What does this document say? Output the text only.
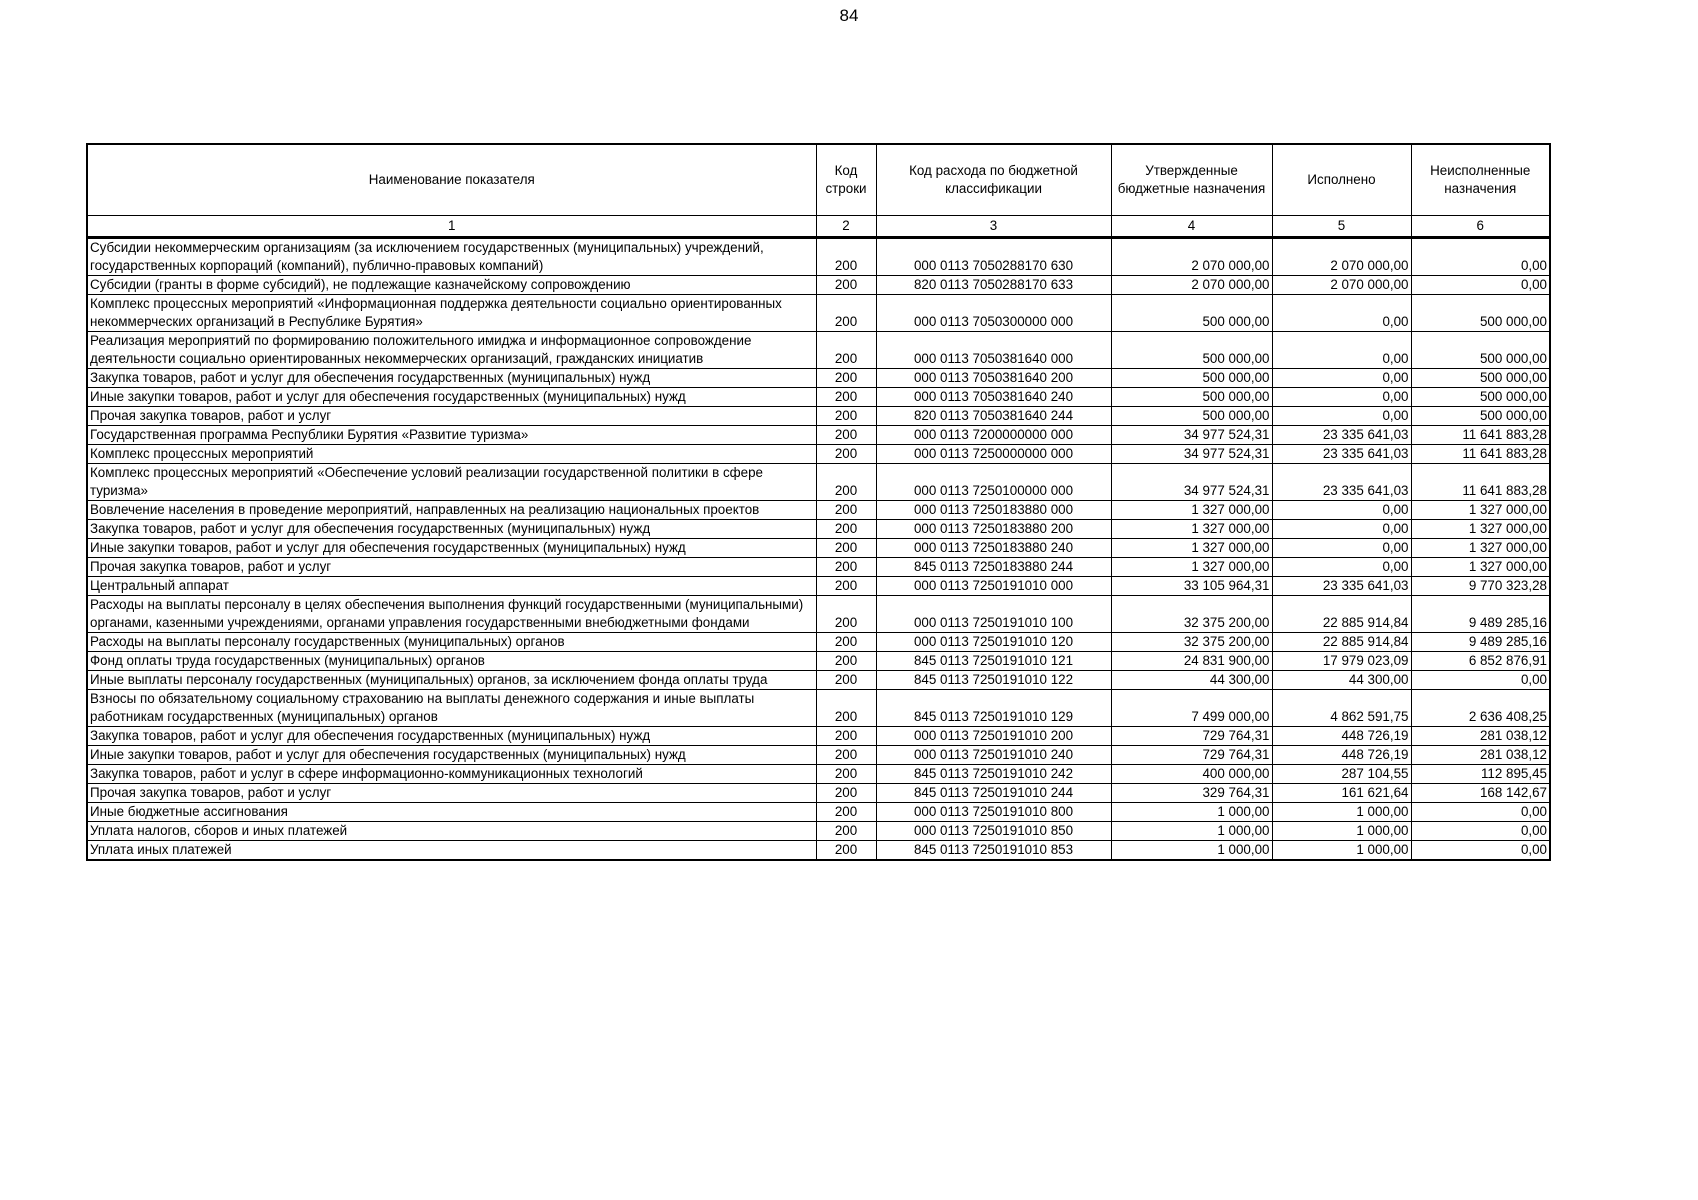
84
Наименование показателя	Код строки	Код расхода по бюджетной классификации	Утвержденные бюджетные назначения	Исполнено	Неисполненные назначения
1	2	3	4	5	6
Субсидии некоммерческим организациям (за исключением государственных (муниципальных) учреждений, государственных корпораций (компаний), публично-правовых компаний)	200	000 0113 7050288170 630	2 070 000,00	2 070 000,00	0,00
Субсидии (гранты в форме субсидий), не подлежащие казначейскому сопровождению	200	820 0113 7050288170 633	2 070 000,00	2 070 000,00	0,00
Комплекс процессных мероприятий «Информационная поддержка деятельности социально ориентированных некоммерческих организаций в Республике Бурятия»	200	000 0113 7050300000 000	500 000,00	0,00	500 000,00
Реализация мероприятий по формированию положительного имиджа и информационное сопровождение деятельности социально ориентированных некоммерческих организаций, гражданских инициатив	200	000 0113 7050381640 000	500 000,00	0,00	500 000,00
Закупка товаров, работ и услуг для обеспечения государственных (муниципальных) нужд	200	000 0113 7050381640 200	500 000,00	0,00	500 000,00
Иные закупки товаров, работ и услуг для обеспечения государственных (муниципальных) нужд	200	000 0113 7050381640 240	500 000,00	0,00	500 000,00
Прочая закупка товаров, работ и услуг	200	820 0113 7050381640 244	500 000,00	0,00	500 000,00
Государственная программа Республики Бурятия «Развитие туризма»	200	000 0113 7200000000 000	34 977 524,31	23 335 641,03	11 641 883,28
Комплекс процессных мероприятий	200	000 0113 7250000000 000	34 977 524,31	23 335 641,03	11 641 883,28
Комплекс процессных мероприятий «Обеспечение условий реализации государственной политики в сфере туризма»	200	000 0113 7250100000 000	34 977 524,31	23 335 641,03	11 641 883,28
Вовлечение населения в проведение мероприятий, направленных на реализацию национальных проектов	200	000 0113 7250183880 000	1 327 000,00	0,00	1 327 000,00
Закупка товаров, работ и услуг для обеспечения государственных (муниципальных) нужд	200	000 0113 7250183880 200	1 327 000,00	0,00	1 327 000,00
Иные закупки товаров, работ и услуг для обеспечения государственных (муниципальных) нужд	200	000 0113 7250183880 240	1 327 000,00	0,00	1 327 000,00
Прочая закупка товаров, работ и услуг	200	845 0113 7250183880 244	1 327 000,00	0,00	1 327 000,00
Центральный аппарат	200	000 0113 7250191010 000	33 105 964,31	23 335 641,03	9 770 323,28
Расходы на выплаты персоналу в целях обеспечения выполнения функций государственными (муниципальными) органами, казенными учреждениями, органами управления государственными внебюджетными фондами	200	000 0113 7250191010 100	32 375 200,00	22 885 914,84	9 489 285,16
Расходы на выплаты персоналу государственных (муниципальных) органов	200	000 0113 7250191010 120	32 375 200,00	22 885 914,84	9 489 285,16
Фонд оплаты труда государственных (муниципальных) органов	200	845 0113 7250191010 121	24 831 900,00	17 979 023,09	6 852 876,91
Иные выплаты персоналу государственных (муниципальных) органов, за исключением фонда оплаты труда	200	845 0113 7250191010 122	44 300,00	44 300,00	0,00
Взносы по обязательному социальному страхованию на выплаты денежного содержания и иные выплаты работникам государственных (муниципальных) органов	200	845 0113 7250191010 129	7 499 000,00	4 862 591,75	2 636 408,25
Закупка товаров, работ и услуг для обеспечения государственных (муниципальных) нужд	200	000 0113 7250191010 200	729 764,31	448 726,19	281 038,12
Иные закупки товаров, работ и услуг для обеспечения государственных (муниципальных) нужд	200	000 0113 7250191010 240	729 764,31	448 726,19	281 038,12
Закупка товаров, работ и услуг в сфере информационно-коммуникационных технологий	200	845 0113 7250191010 242	400 000,00	287 104,55	112 895,45
Прочая закупка товаров, работ и услуг	200	845 0113 7250191010 244	329 764,31	161 621,64	168 142,67
Иные бюджетные ассигнования	200	000 0113 7250191010 800	1 000,00	1 000,00	0,00
Уплата налогов, сборов и иных платежей	200	000 0113 7250191010 850	1 000,00	1 000,00	0,00
Уплата иных платежей	200	845 0113 7250191010 853	1 000,00	1 000,00	0,00
